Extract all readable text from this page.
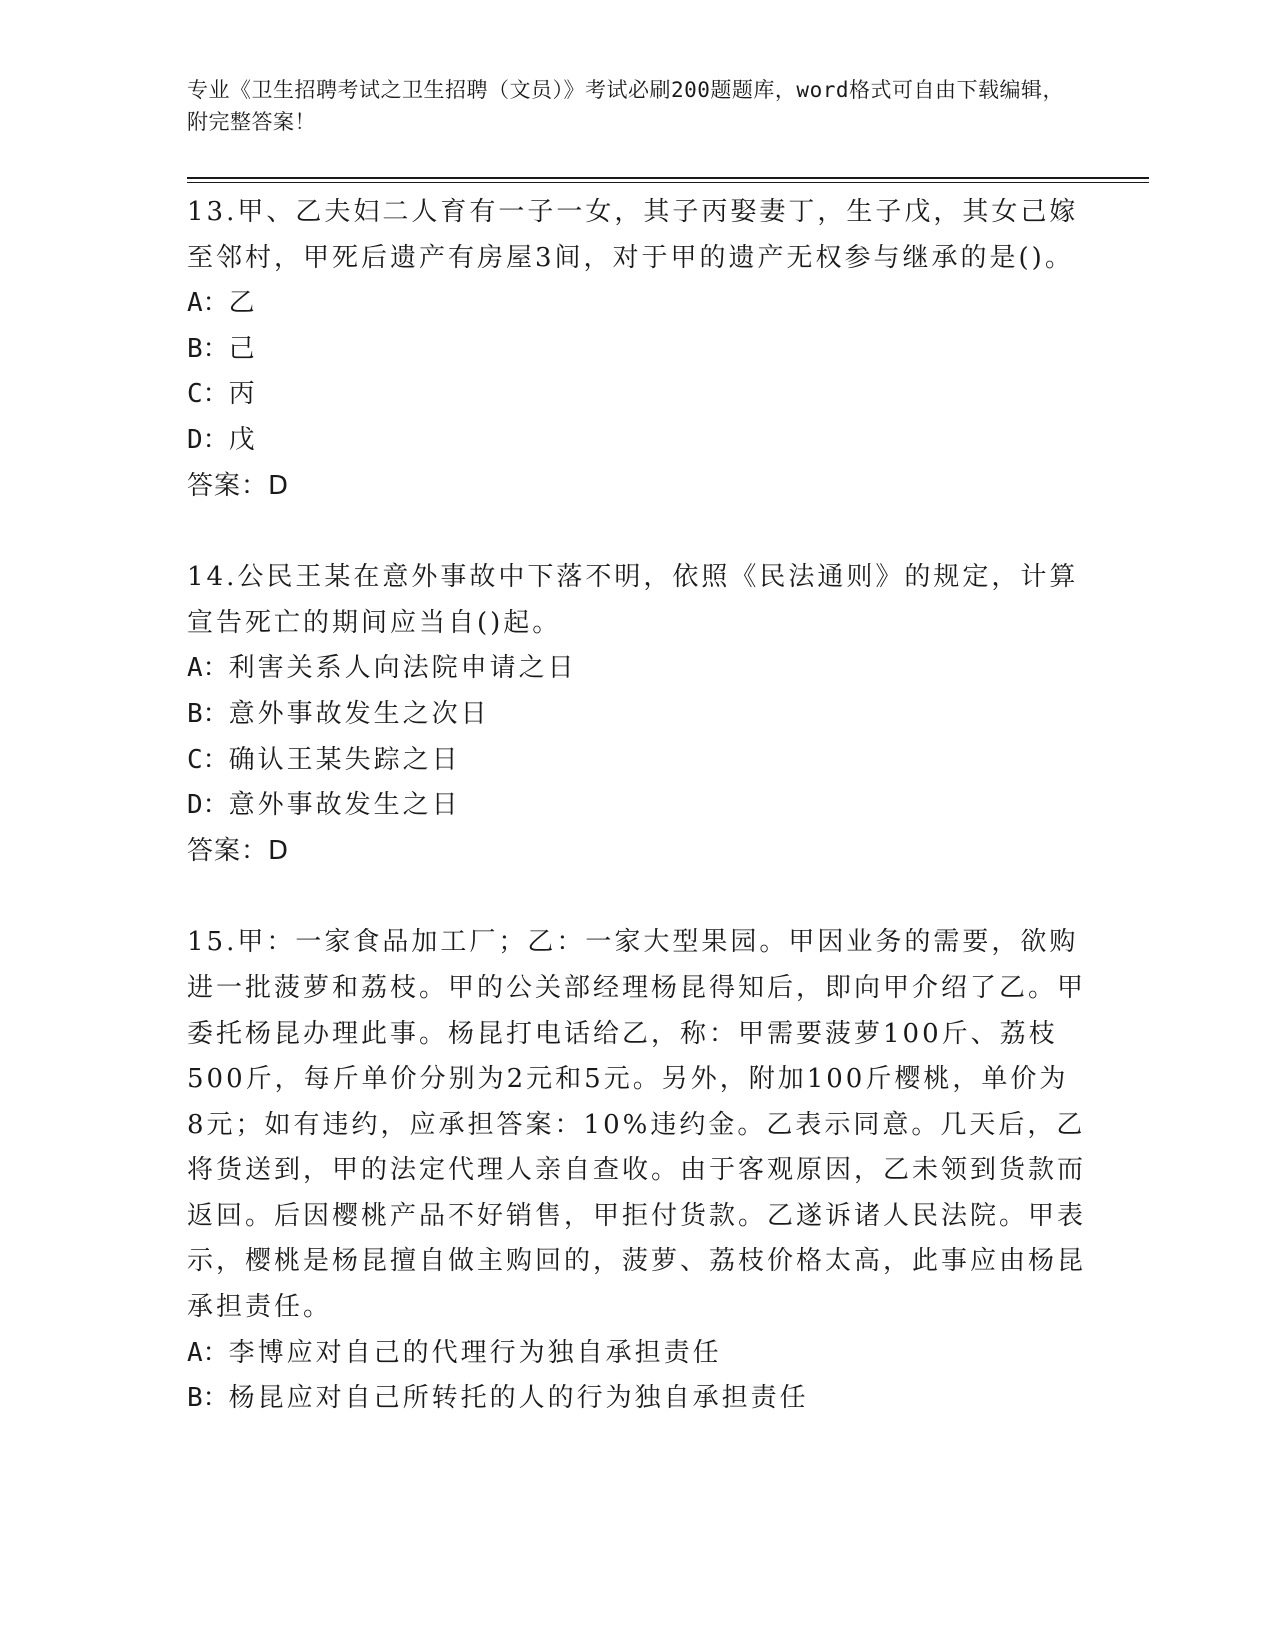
专业《卫生招聘考试之卫生招聘（文员）》考试必刷200题题库，word格式可自由下载编辑，附完整答案！

13.甲、乙夫妇二人育有一子一女，其子丙娶妻丁，生子戊，其女己嫁至邻村，甲死后遗产有房屋3间，对于甲的遗产无权参与继承的是()。

A：乙

B：己

C：丙

D：戊

答案：D

14.公民王某在意外事故中下落不明，依照《民法通则》的规定，计算宣告死亡的期间应当自()起。

A：利害关系人向法院申请之日

B：意外事故发生之次日

C：确认王某失踪之日

D：意外事故发生之日

答案：D

15.甲：一家食品加工厂；乙：一家大型果园。甲因业务的需要，欲购进一批菠萝和荔枝。甲的公关部经理杨昆得知后，即向甲介绍了乙。甲委托杨昆办理此事。杨昆打电话给乙，称：甲需要菠萝100斤、荔枝500斤，每斤单价分别为2元和5元。另外，附加100斤樱桃，单价为8元；如有违约，应承担答案：10%违约金。乙表示同意。几天后，乙将货送到，甲的法定代理人亲自查收。由于客观原因，乙未领到货款而返回。后因樱桃产品不好销售，甲拒付货款。乙遂诉诸人民法院。甲表示，樱桃是杨昆擅自做主购回的，菠萝、荔枝价格太高，此事应由杨昆承担责任。

A：李博应对自己的代理行为独自承担责任

B：杨昆应对自己所转托的人的行为独自承担责任
